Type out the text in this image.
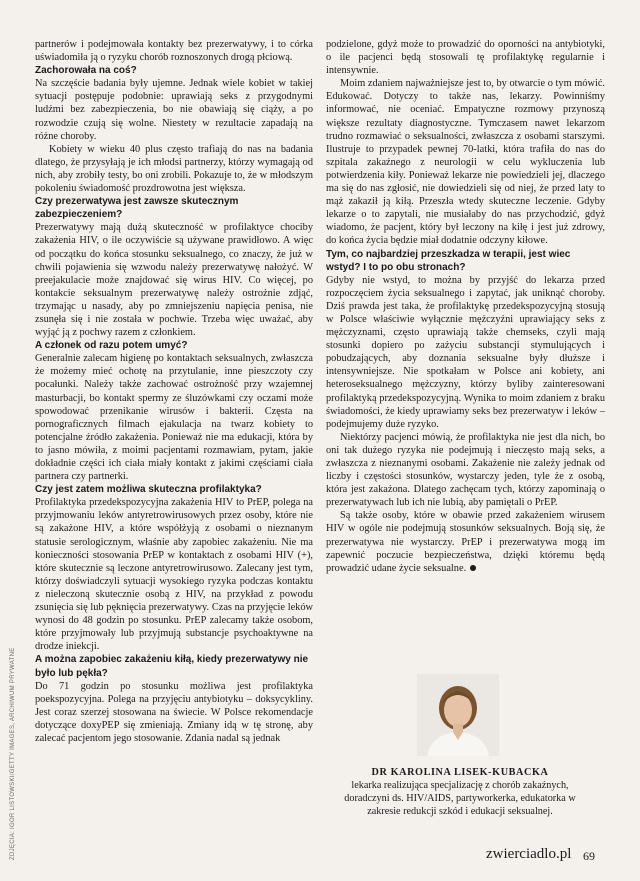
partnerów i podejmowała kontakty bez prezerwatywy, i to córka uświadomiła ją o ryzyku chorób roznoszonych drogą płciową.

Zachorowała na coś?

Na szczęście badania były ujemne. Jednak wiele kobiet w takiej sytuacji postępuje podobnie: uprawiają seks z przygodnymi ludźmi bez zabezpieczenia, bo nie obawiają się ciąży, a po rozwodzie czują się wolne. Niestety w rezultacie zapadają na różne choroby.

Kobiety w wieku 40 plus często trafiają do nas na badania dlatego, że przysyłają je ich młodsi partnerzy, którzy wymagają od nich, aby zrobiły testy, bo oni zrobili. Pokazuje to, że w młodszym pokoleniu świadomość prozdrowotna jest większa.

Czy prezerwatywa jest zawsze skutecznym zabezpieczeniem?

Prezerwatywy mają dużą skuteczność w profilaktyce chociby zakażenia HIV, o ile oczywiście są używane prawidłowo. A więc od początku do końca stosunku seksualnego, co znaczy, że już w chwili pojawienia się wzwodu należy prezerwatywę nałożyć. W preejakulacie może znajdować się wirus HIV. Co więcej, po kontakcie seksualnym prezerwatywę należy ostrożnie zdjąć, trzymając u nasady, aby po zmniejszeniu napięcia penisa, nie zsunęła się i nie została w pochwie. Trzeba więc uważać, aby wyjąć ją z pochwy razem z członkiem.

A członek od razu potem umyć?

Generalnie zalecam higienę po kontaktach seksualnych, zwłaszcza że możemy mieć ochotę na przytulanie, inne pieszczoty czy pocałunki. Należy także zachować ostrożność przy wzajemnej masturbacji, bo kontakt spermy ze śluzówkami czy oczami może spowodować przenikanie wirusów i bakterii. Częsta na pornograficznych filmach ejakulacja na twarz kobiety to potencjalne źródło zakażenia. Ponieważ nie ma edukacji, która by to jasno mówiła, z moimi pacjentami rozmawiam, pytam, jakie dokładnie części ich ciała miały kontakt z jakimi częściami ciała partnera czy partnerki.

Czy jest zatem możliwa skuteczna profilaktyka?

Profilaktyka przedekspozycyjna zakażenia HIV to PrEP, polega na przyjmowaniu leków antyretrowirusowych przez osoby, które nie są zakażone HIV, a które współżyją z osobami o nieznanym statusie serologicznym, właśnie aby zapobiec zakażeniu. Nie ma konieczności stosowania PrEP w kontaktach z osobami HIV (+), które skutecznie są leczone antyretrowirusowo. Zalecany jest tym, którzy doświadczyli sytuacji wysokiego ryzyka podczas kontaktu z nieleczoną skutecznie osobą z HIV, na przykład z powodu zsunięcia się lub pęknięcia prezerwatywy. Czas na przyjęcie leków wynosi do 48 godzin po stosunku. PrEP zalecamy także osobom, które przyjmowały lub przyjmują substancje psychoaktywne na drodze iniekcji.

A można zapobiec zakażeniu kiłą, kiedy prezerwatywy nie było lub pękła?

Do 71 godzin po stosunku możliwa jest profilaktyka poekspozycyjna. Polega na przyjęciu antybiotyku – doksycykliny. Jest coraz szerzej stosowana na świecie. W Polsce rekomendacje dotyczące doxyPEP się zmieniają. Zmiany idą w tę stronę, aby zalecać pacjentom jego stosowanie. Zdania nadal są jednak

podzielone, gdyż może to prowadzić do oporności na antybiotyki, o ile pacjenci będą stosowali tę profilaktykę regularnie i intensywnie.

Moim zdaniem najważniejsze jest to, by otwarcie o tym mówić. Edukować. Dotyczy to także nas, lekarzy. Powinniśmy informować, nie oceniać. Empatyczne rozmowy przynoszą większe rezultaty diagnostyczne. Tymczasem nawet lekarzom trudno rozmawiać o seksualności, zwłaszcza z osobami starszymi. Ilustruje to przypadek pewnej 70-latki, która trafiła do nas do szpitala zakaźnego z neurologii w celu wykluczenia lub potwierdzenia kiły. Ponieważ lekarze nie powiedzieli jej, dlaczego ma się do nas zgłosić, nie dowiedzieli się od niej, że przed laty to mąż zakaził ją kiłą. Przeszła wtedy skuteczne leczenie. Gdyby lekarze o to zapytali, nie musiałaby do nas przychodzić, gdyż wiadomo, że pacjent, który był leczony na kiłę i jest już zdrowy, do końca życia będzie miał dodatnie odczyny kiłowe.

Tym, co najbardziej przeszkadza w terapii, jest wiec wstyd? I to po obu stronach?

Gdyby nie wstyd, to można by przyjść do lekarza przed rozpoczęciem życia seksualnego i zapytać, jak uniknąć choroby. Dziś prawda jest taka, że profilaktykę przedekspozycyjną stosują w Polsce właściwie wyłącznie mężczyźni uprawiający seks z mężczyznami, często uprawiają także chemseks, czyli mają stosunki dopiero po zażyciu substancji stymulujących i pobudzających, aby doznania seksualne były dłuższe i intensywniejsze. Nie spotkałam w Polsce ani kobiety, ani heteroseksualnego mężczyzny, którzy byliby zainteresowani profilaktyką przedekspozycyjną. Wynika to moim zdaniem z braku świadomości, że kiedy uprawiamy seks bez prezerwatyw i leków – podejmujemy duże ryzyko.

Niektórzy pacjenci mówią, że profilaktyka nie jest dla nich, bo oni tak dużego ryzyka nie podejmują i nieczęsto mają seks, a zwłaszcza z nieznanymi osobami. Zakażenie nie zależy jednak od liczby i częstości stosunków, wystarczy jeden, tyle że z osobą, która jest zakażona. Dlatego zachęcam tych, którzy zapominają o prezerwatywach lub ich nie lubią, aby pamiętali o PrEP.

Są także osoby, które w obawie przed zakażeniem wirusem HIV w ogóle nie podejmują stosunków seksualnych. Boją się, że prezerwatywa nie wystarczy. PrEP i prezerwatywa mogą im zapewnić poczucie bezpieczeństwa, dzięki któremu będą prowadzić udane życie seksualne.

DR KAROLINA LISEK-KUBACKA
lekarka realizująca specjalizację z chorób zakaźnych, doradczyni ds. HIV/AIDS, partyworkerka, edukatorka w zakresie redukcji szkód i edukacji seksualnej.
ZDJĘCIA: IGOR LISTOWSKI/GETTY IMAGES, ARCHIWUM PRYWATNE	zwierciadlo.pl 69
